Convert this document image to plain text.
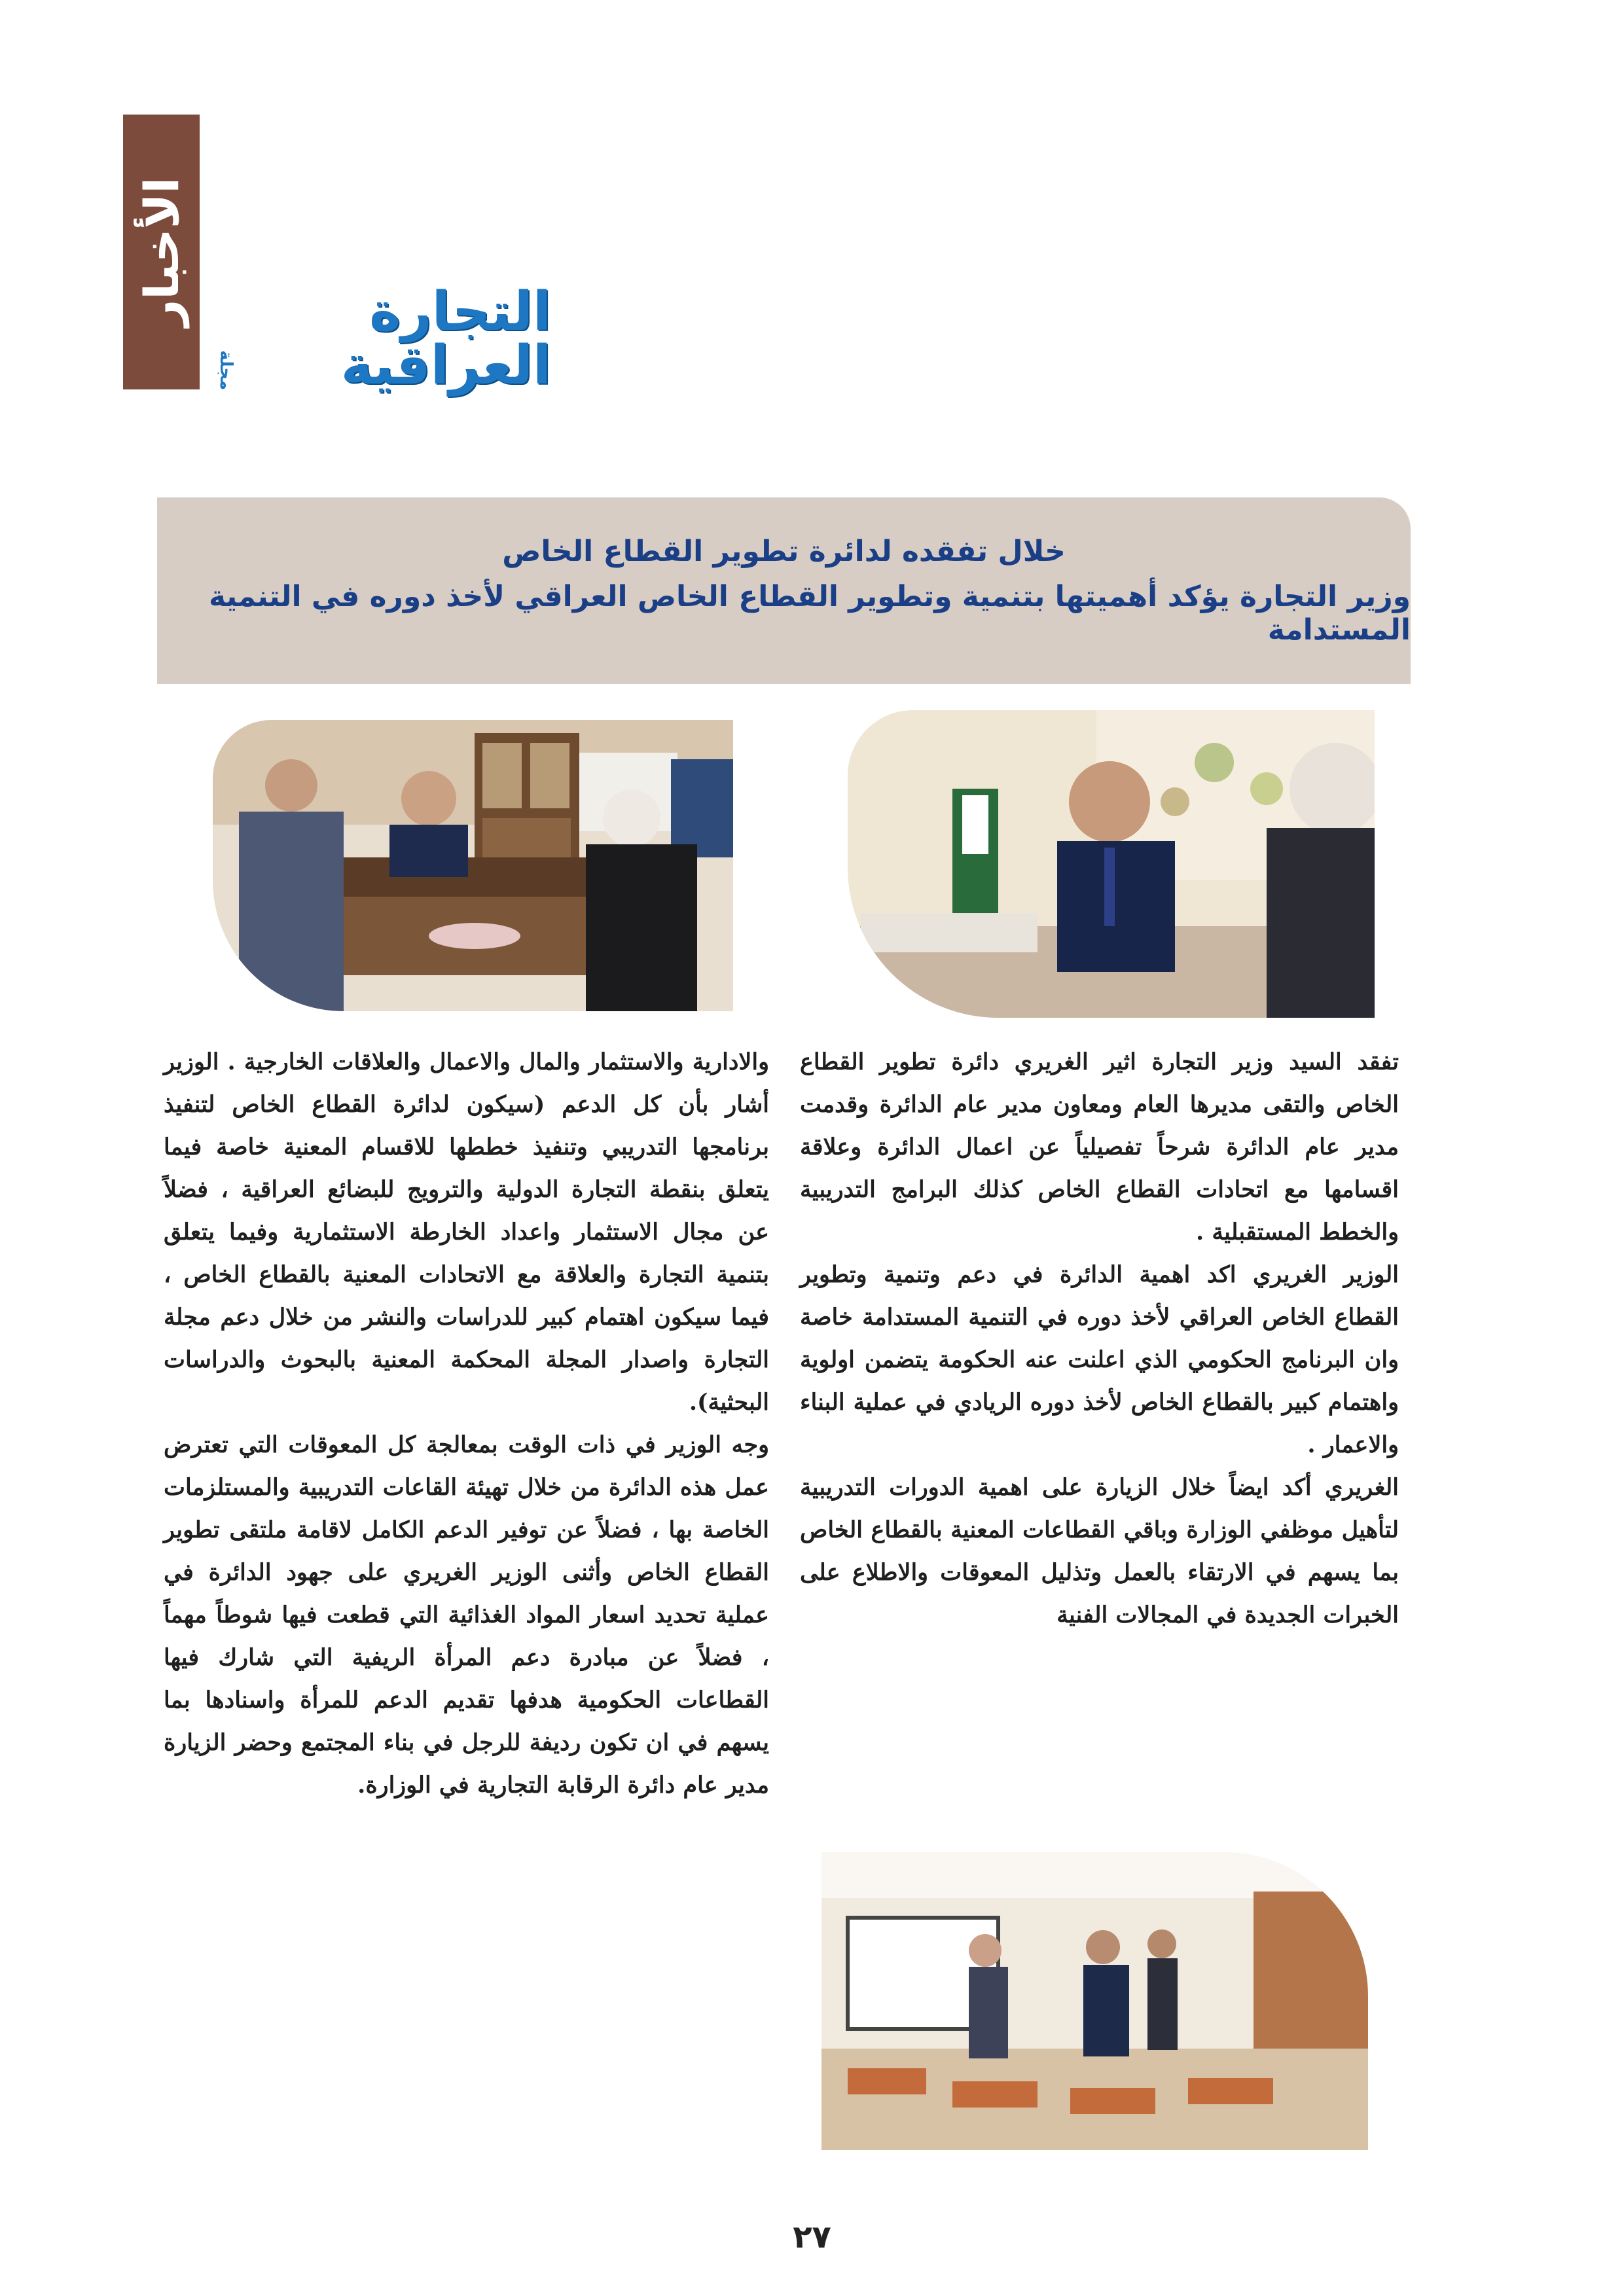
الأخبار	التجارة العراقية
مجلة
خلال تفقده لدائرة تطوير القطاع الخاص
وزير التجارة يؤكد أهميتها بتنمية وتطوير القطاع الخاص العراقي لأخذ دوره في التنمية المستدامة

تفقد السيد وزير التجارة اثير الغريري دائرة تطوير القطاع الخاص والتقى مديرها العام ومعاون مدير عام الدائرة وقدمت مدير عام الدائرة شرحاً تفصيلياً عن اعمال الدائرة وعلاقة اقسامها مع اتحادات القطاع الخاص كذلك البرامج التدريبية والخطط المستقبلية .

الوزير الغريري اكد اهمية الدائرة في دعم وتنمية وتطوير القطاع الخاص العراقي لأخذ دوره في التنمية المستدامة خاصة وان البرنامج الحكومي الذي اعلنت عنه الحكومة يتضمن اولوية واهتمام كبير بالقطاع الخاص لأخذ دوره الريادي في عملية البناء والاعمار .

الغريري أكد ايضاً خلال الزيارة على اهمية الدورات التدريبية لتأهيل موظفي الوزارة وباقي القطاعات المعنية بالقطاع الخاص بما يسهم في الارتقاء بالعمل وتذليل المعوقات والاطلاع على الخبرات الجديدة في المجالات الفنية

والادارية والاستثمار والمال والاعمال والعلاقات الخارجية . الوزير أشار بأن كل الدعم (سيكون لدائرة القطاع الخاص لتنفيذ برنامجها التدريبي وتنفيذ خططها للاقسام المعنية خاصة فيما يتعلق بنقطة التجارة الدولية والترويج للبضائع العراقية ، فضلاً عن مجال الاستثمار واعداد الخارطة الاستثمارية وفيما يتعلق بتنمية التجارة والعلاقة مع الاتحادات المعنية بالقطاع الخاص ، فيما سيكون اهتمام كبير للدراسات والنشر من خلال دعم مجلة التجارة واصدار المجلة المحكمة المعنية بالبحوث والدراسات البحثية).

وجه الوزير في ذات الوقت بمعالجة كل المعوقات التي تعترض عمل هذه الدائرة من خلال تهيئة القاعات التدريبية والمستلزمات الخاصة بها ، فضلاً عن توفير الدعم الكامل لاقامة ملتقى تطوير القطاع الخاص وأثنى الوزير الغريري على جهود الدائرة في عملية تحديد اسعار المواد الغذائية التي قطعت فيها شوطاً مهماً ، فضلاً عن مبادرة دعم المرأة الريفية التي شارك فيها القطاعات الحكومية هدفها تقديم الدعم للمرأة واسنادها بما يسهم في ان تكون رديفة للرجل في بناء المجتمع وحضر الزيارة مدير عام دائرة الرقابة التجارية في الوزارة.

٢٧
